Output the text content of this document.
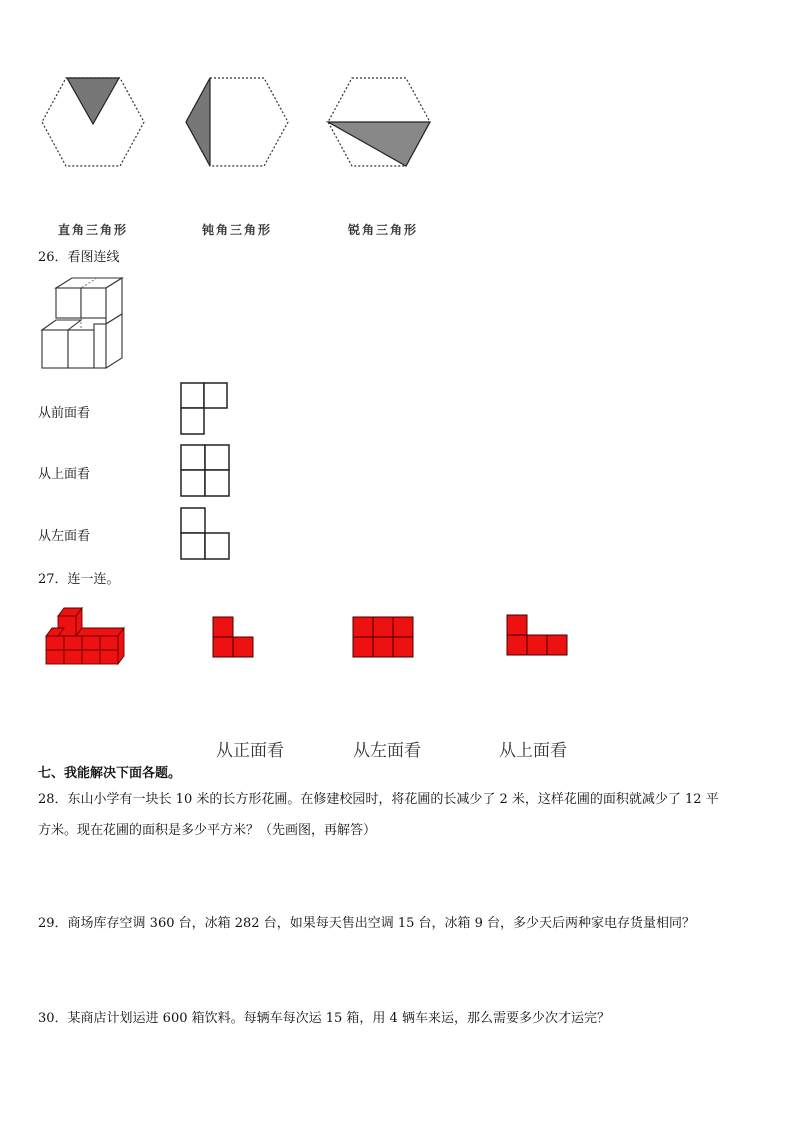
直角三角形	钝角三角形	锐角三角形
26．看图连线
从前面看
从上面看
从左面看
27．连一连。
从正面看	从左面看	从上面看
七、我能解决下面各题。
28．东山小学有一块长 10 米的长方形花圃。在修建校园时，将花圃的长减少了 2 米，这样花圃的面积就减少了 12 平
方米。现在花圃的面积是多少平方米？（先画图，再解答）
29．商场库存空调 360 台，冰箱 282 台，如果每天售出空调 15 台，冰箱 9 台，多少天后两种家电存货量相同？
30．某商店计划运进 600 箱饮料。每辆车每次运 15 箱，用 4 辆车来运，那么需要多少次才运完？
